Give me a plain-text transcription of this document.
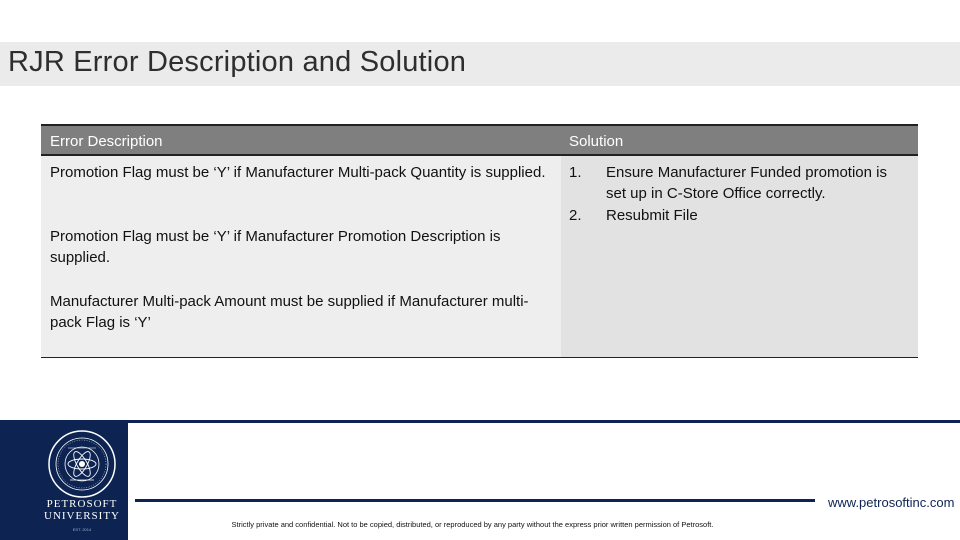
RJR Error Description and Solution
Error Description	Solution

Promotion Flag must be ‘Y’ if Manufacturer Multi-pack Quantity is supplied.

Promotion Flag must be ‘Y’ if Manufacturer Promotion Description is supplied.

Manufacturer Multi-pack Amount must be supplied if Manufacturer multi-pack Flag is ‘Y’

1. Ensure Manufacturer Funded promotion is set up in C-Store Office correctly.
2. Resubmit File
PETROSOFT UNIVERSITY
EST. 2014

Strictly private and confidential. Not to be copied, distributed, or reproduced by any party without the express prior written permission of Petrosoft.

www.petrosoftinc.com
